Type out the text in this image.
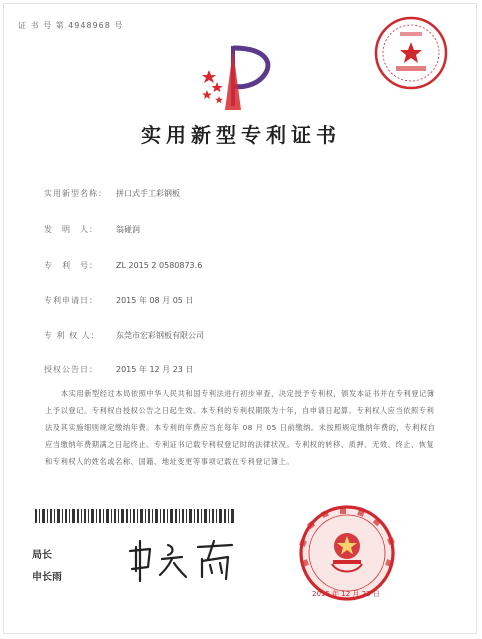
证 书 号 第 4948968 号
实用新型专利证书
实用新型名称： 拼口式手工彩钢板
发　明　人： 翁碰润
专　利　号： ZL 2015 2 0580873.6
专利申请日： 2015 年 08 月 05 日
专 利 权 人： 东莞市宏彩钢板有限公司
授权公告日： 2015 年 12 月 23 日
本实用新型经过本局依照中华人民共和国专利法进行初步审查，决定授予专利权，颁发本证书并在专利登记簿上予以登记。专利权自授权公告之日起生效。本专利的专利权期限为十年，自申请日起算。专利权人应当依照专利法及其实施细则规定缴纳年费。本专利的年费应当在每年 08 月 05 日前缴纳。未按照规定缴纳年费的，专利权自应当缴纳年费期满之日起终止。专利证书记载专利权登记时的法律状况。专利权的转移、质押、无效、终止、恢复和专利权人的姓名或名称、国籍、地址变更等事项记载在专利登记簿上。
局长
申长雨
2015 年 12 月 23 日
